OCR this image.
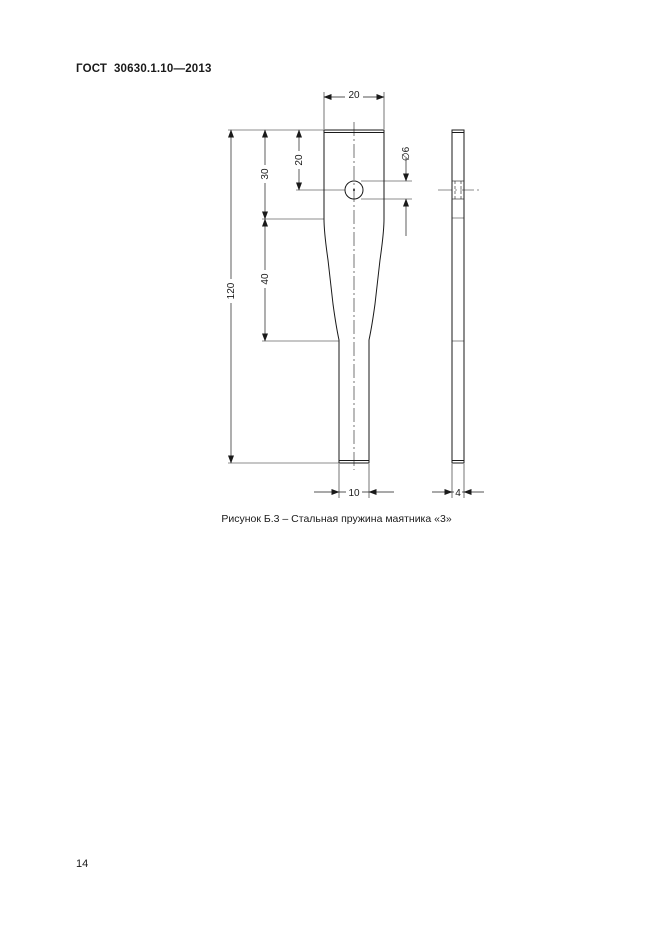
ГОСТ  30630.1.10—2013
20
120
30
40
20	∅6
10	4
Рисунок Б.3 – Стальная пружина маятника «3»
14
